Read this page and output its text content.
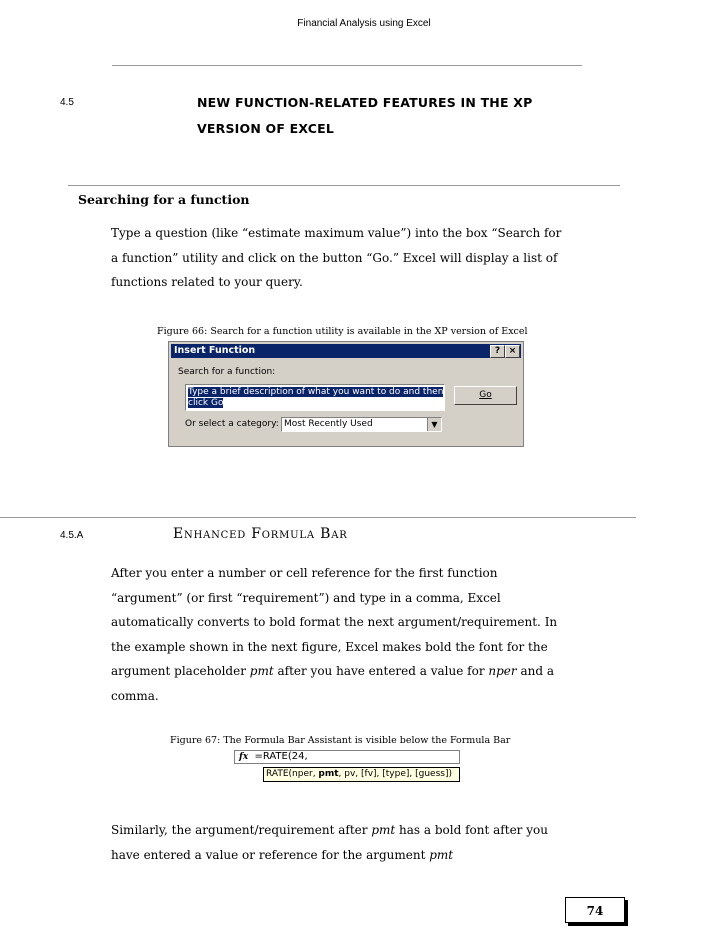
Financial Analysis using Excel
4.5	NEW FUNCTION-RELATED FEATURES IN THE XP
VERSION OF EXCEL
Searching for a function

Type a question (like “estimate maximum value”) into the box “Search for

a function” utility and click on the button “Go.” Excel will display a list of

functions related to your query.

Figure 66: Search for a function utility is available in the XP version of Excel
Insert Function	? ×
Search for a function:
Type a brief description of what you want to do and then
click Go
Go
Or select a category: Most Recently Used	▼
4.5.A	Enhanced Formula Bar

After you enter a number or cell reference for the first function

“argument” (or first “requirement”) and type in a comma, Excel

automatically converts to bold format the next argument/requirement. In

the example shown in the next figure, Excel makes bold the font for the

argument placeholder pmt after you have entered a value for nper and a

comma.

Figure 67: The Formula Bar Assistant is visible below the Formula Bar
fx =RATE(24,
RATE(nper, pmt, pv, [fv], [type], [guess])

Similarly, the argument/requirement after pmt has a bold font after you

have entered a value or reference for the argument pmt

74
